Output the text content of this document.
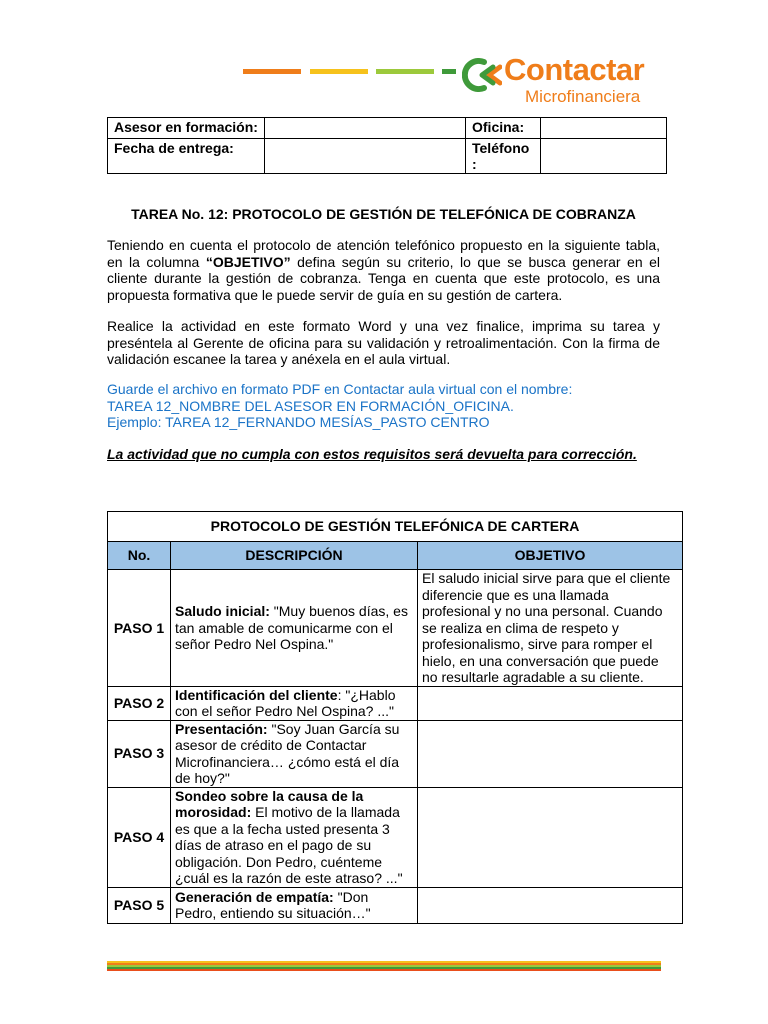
Contactar
Microfinanciera
Asesor en formación:		Oficina:	
Fecha de entrega:		Teléfono :	
TAREA No. 12: PROTOCOLO DE GESTIÓN DE TELEFÓNICA DE COBRANZA

Teniendo en cuenta el protocolo de atención telefónico propuesto en la siguiente tabla, en la columna “OBJETIVO” defina según su criterio, lo que se busca generar en el cliente durante la gestión de cobranza. Tenga en cuenta que este protocolo, es una propuesta formativa que le puede servir de guía en su gestión de cartera.

Realice la actividad en este formato Word y una vez finalice, imprima su tarea y preséntela al Gerente de oficina para su validación y retroalimentación. Con la firma de validación escanee la tarea y anéxela en el aula virtual.

Guarde el archivo en formato PDF en Contactar aula virtual con el nombre:
TAREA 12_NOMBRE DEL ASESOR EN FORMACIÓN_OFICINA.
Ejemplo: TAREA 12_FERNANDO MESÍAS_PASTO CENTRO

La actividad que no cumpla con estos requisitos será devuelta para corrección.

PROTOCOLO DE GESTIÓN TELEFÓNICA DE CARTERA		
No.	DESCRIPCIÓN	OBJETIVO
PASO 1	Saludo inicial: "Muy buenos días, es tan amable de comunicarme con el señor Pedro Nel Ospina."	El saludo inicial sirve para que el cliente diferencie que es una llamada profesional y no una personal. Cuando se realiza en clima de respeto y profesionalismo, sirve para romper el hielo, en una conversación que puede no resultarle agradable a su cliente.
PASO 2	Identificación del cliente: "¿Hablo con el señor Pedro Nel Ospina? ..."	
PASO 3	Presentación: "Soy Juan García su asesor de crédito de Contactar Microfinanciera… ¿cómo está el día de hoy?"	
PASO 4	Sondeo sobre la causa de la morosidad: El motivo de la llamada es que a la fecha usted presenta 3 días de atraso en el pago de su obligación. Don Pedro, cuénteme ¿cuál es la razón de este atraso? ..."	
PASO 5	Generación de empatía: "Don Pedro, entiendo su situación…"	
